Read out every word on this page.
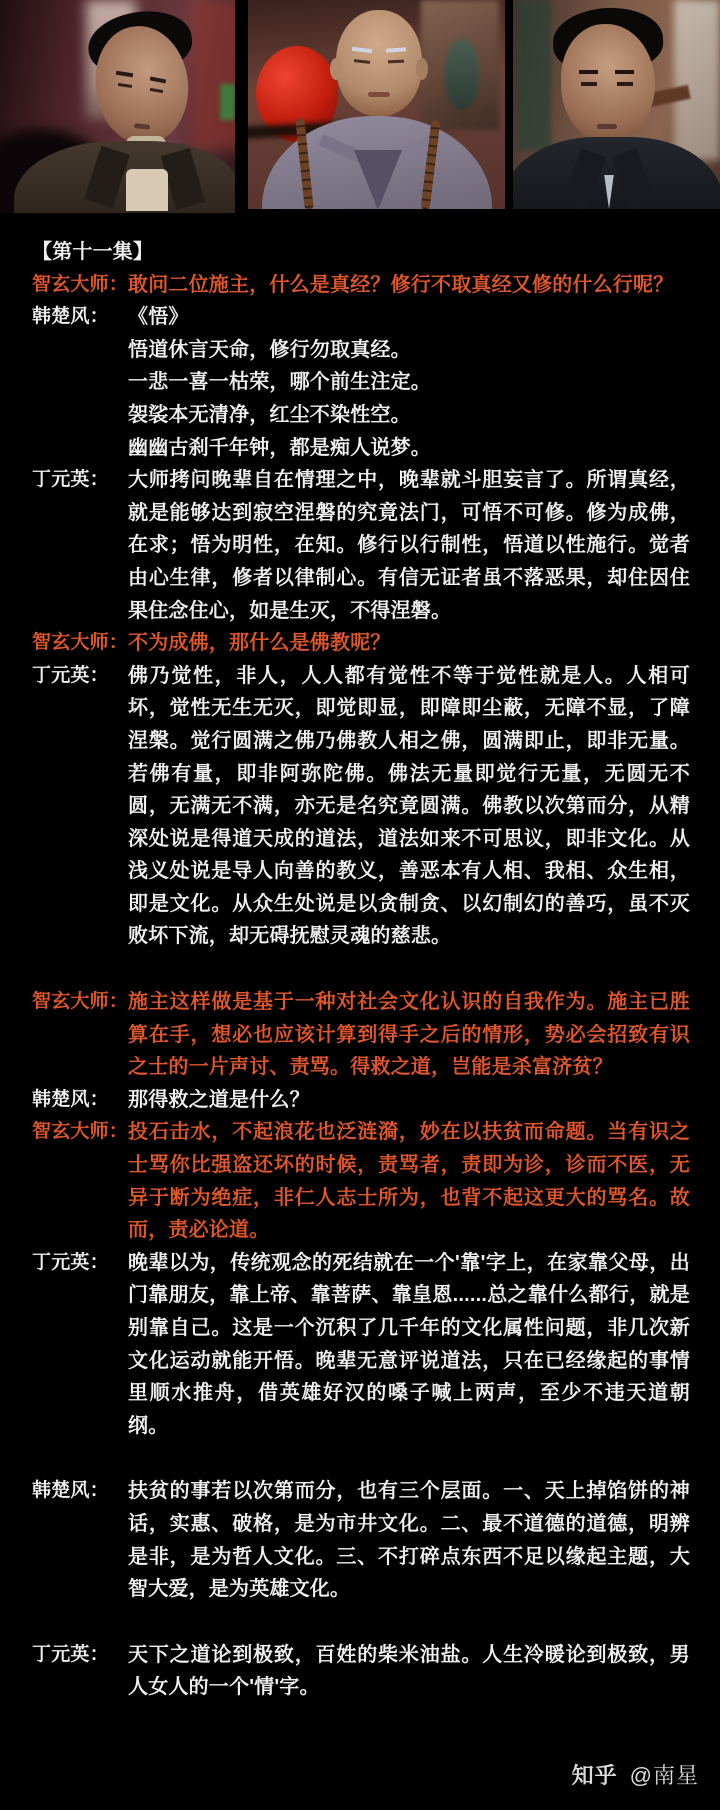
【第十一集】
智玄大师： 敢问二位施主，什么是真经？修行不取真经又修的什么行呢？
韩楚风： 《悟》
悟道休言天命，修行勿取真经。
一悲一喜一枯荣，哪个前生注定。
袈裟本无清净，红尘不染性空。
幽幽古刹千年钟，都是痴人说梦。
丁元英： 大师拷问晚辈自在情理之中，晚辈就斗胆妄言了。所谓真经，就是能够达到寂空涅磐的究竟法门，可悟不可修。修为成佛，在求；悟为明性，在知。修行以行制性，悟道以性施行。觉者由心生律，修者以律制心。有信无证者虽不落恶果，却住因住果住念住心，如是生灭，不得涅磐。
智玄大师： 不为成佛，那什么是佛教呢？
丁元英： 佛乃觉性，非人，人人都有觉性不等于觉性就是人。人相可坏，觉性无生无灭，即觉即显，即障即尘蔽，无障不显，了障涅槃。觉行圆满之佛乃佛教人相之佛，圆满即止，即非无量。若佛有量，即非阿弥陀佛。佛法无量即觉行无量，无圆无不圆，无满无不满，亦无是名究竟圆满。佛教以次第而分，从精深处说是得道天成的道法，道法如来不可思议，即非文化。从浅义处说是导人向善的教义，善恶本有人相、我相、众生相，即是文化。从众生处说是以贪制贪、以幻制幻的善巧，虽不灭败坏下流，却无碍抚慰灵魂的慈悲。
智玄大师： 施主这样做是基于一种对社会文化认识的自我作为。施主已胜算在手，想必也应该计算到得手之后的情形，势必会招致有识之士的一片声讨、责骂。得救之道，岂能是杀富济贫？
韩楚风： 那得救之道是什么？
智玄大师： 投石击水，不起浪花也泛涟漪，妙在以扶贫而命题。当有识之士骂你比强盗还坏的时候，责骂者，责即为诊，诊而不医，无异于断为绝症，非仁人志士所为，也背不起这更大的骂名。故而，责必论道。
丁元英： 晚辈以为，传统观念的死结就在一个'靠'字上，在家靠父母，出门靠朋友，靠上帝、靠菩萨、靠皇恩......总之靠什么都行，就是别靠自己。这是一个沉积了几千年的文化属性问题，非几次新文化运动就能开悟。晚辈无意评说道法，只在已经缘起的事情里顺水推舟，借英雄好汉的嗓子喊上两声，至少不违天道朝纲。
韩楚风： 扶贫的事若以次第而分，也有三个层面。一、天上掉馅饼的神话，实惠、破格，是为市井文化。二、最不道德的道德，明辨是非，是为哲人文化。三、不打碎点东西不足以缘起主题，大智大爱，是为英雄文化。
丁元英： 天下之道论到极致，百姓的柴米油盐。人生冷暖论到极致，男人女人的一个'情'字。
知乎 @南星
